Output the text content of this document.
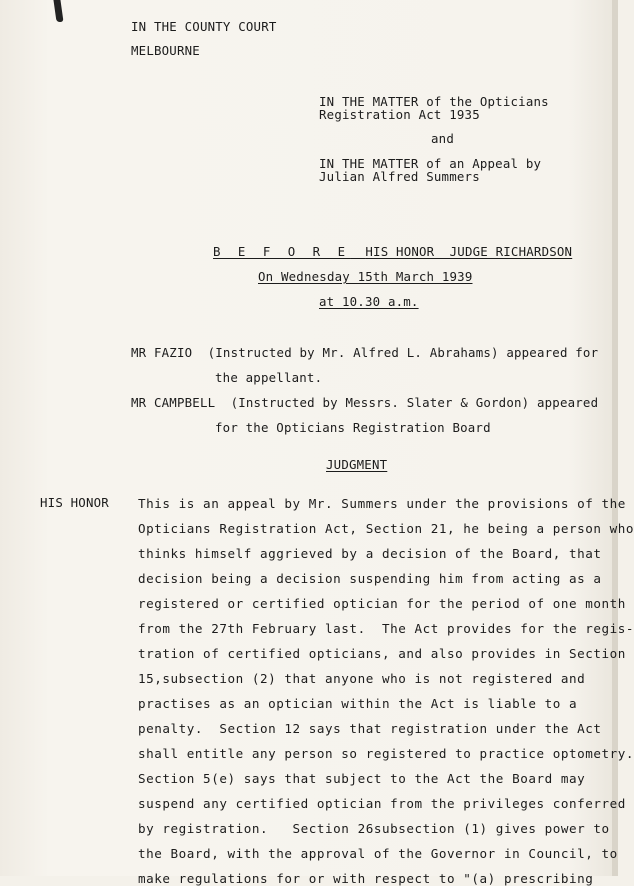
IN THE COUNTY COURT
MELBOURNE
IN THE MATTER of the Opticians
Registration Act 1935
and
IN THE MATTER of an Appeal by
Julian Alfred Summers
B E F O R E HIS HONOR  JUDGE RICHARDSON
On Wednesday 15th March 1939
at 10.30 a.m.
MR FAZIO  (Instructed by Mr. Alfred L. Abrahams) appeared for
the appellant.
MR CAMPBELL  (Instructed by Messrs. Slater & Gordon) appeared
for the Opticians Registration Board
JUDGMENT
HIS HONOR This is an appeal by Mr. Summers under the provisions of the
Opticians Registration Act, Section 21, he being a person who
thinks himself aggrieved by a decision of the Board, that
decision being a decision suspending him from acting as a
registered or certified optician for the period of one month
from the 27th February last.  The Act provides for the regis-
tration of certified opticians, and also provides in Section
15,subsection (2) that anyone who is not registered and
practises as an optician within the Act is liable to a
penalty.  Section 12 says that registration under the Act
shall entitle any person so registered to practice optometry.
Section 5(e) says that subject to the Act the Board may
suspend any certified optician from the privileges conferred
by registration.   Section 26subsection (1) gives power to
the Board, with the approval of the Governor in Council, to
make regulations for or with respect to "(a) prescribing
